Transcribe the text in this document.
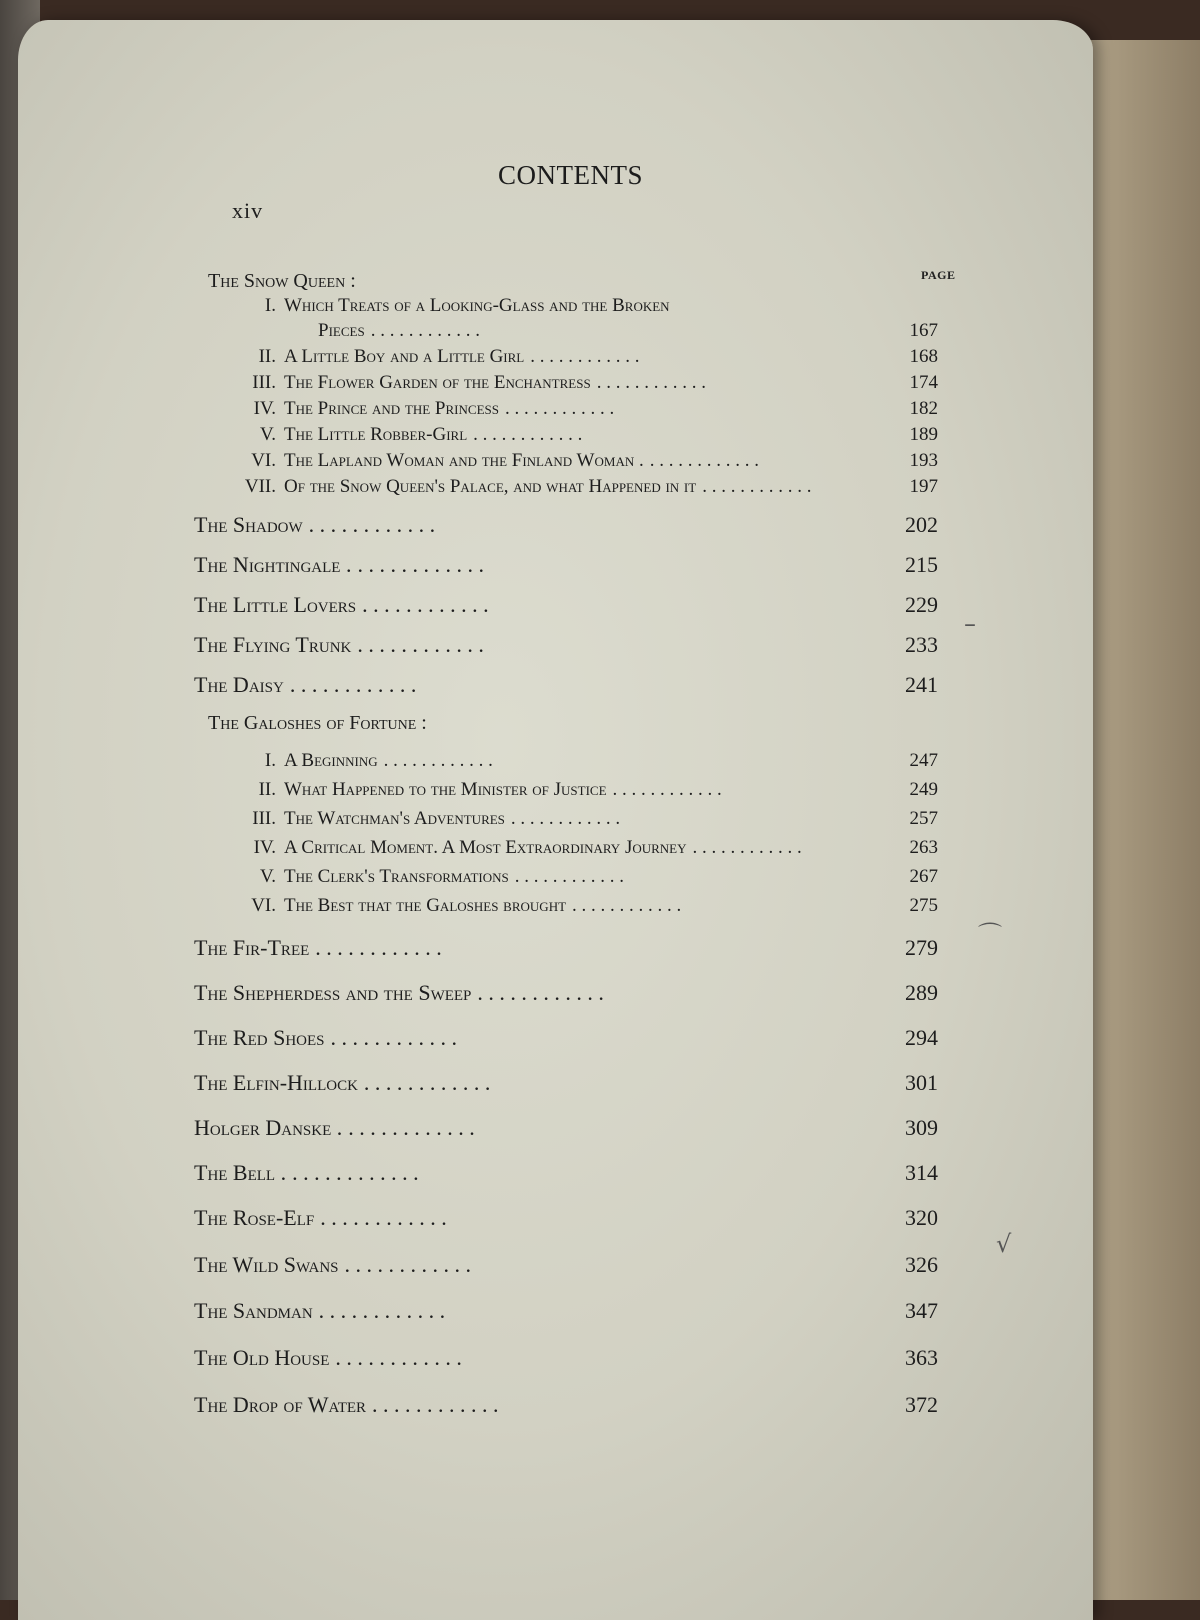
xiv
CONTENTS
PAGE
The Snow Queen :
I. Which Treats of a Looking-Glass and the Broken
Pieces . . . . . . . . . . . .	167
II. A Little Boy and a Little Girl . . . . . . . . . . . .	168
III. The Flower Garden of the Enchantress . . . . . . . . . . . .	174
IV. The Prince and the Princess . . . . . . . . . . . .	182
V. The Little Robber-Girl . . . . . . . . . . . .	189
VI. The Lapland Woman and the Finland Woman . . . . . . . . . . . . .	193
VII. Of the Snow Queen's Palace, and what Happened in it . . . . . . . . . . . .	197
The Shadow . . . . . . . . . . . .	202
The Nightingale . . . . . . . . . . . . .	215
The Little Lovers . . . . . . . . . . . .	229
The Flying Trunk . . . . . . . . . . . .	233
The Daisy . . . . . . . . . . . .	241
The Galoshes of Fortune :
I. A Beginning . . . . . . . . . . . .	247
II. What Happened to the Minister of Justice . . . . . . . . . . . .	249
III. The Watchman's Adventures . . . . . . . . . . . .	257
IV. A Critical Moment. A Most Extraordinary Journey . . . . . . . . . . . .	263
V. The Clerk's Transformations . . . . . . . . . . . .	267
VI. The Best that the Galoshes brought . . . . . . . . . . . .	275
The Fir-Tree . . . . . . . . . . . .	279
The Shepherdess and the Sweep . . . . . . . . . . . .	289
The Red Shoes . . . . . . . . . . . .	294
The Elfin-Hillock . . . . . . . . . . . .	301
Holger Danske . . . . . . . . . . . . .	309
The Bell . . . . . . . . . . . . .	314
The Rose-Elf . . . . . . . . . . . .	320
The Wild Swans . . . . . . . . . . . .	326
The Sandman . . . . . . . . . . . .	347
The Old House . . . . . . . . . . . .	363
The Drop of Water . . . . . . . . . . . .	372
–
⌒
√
